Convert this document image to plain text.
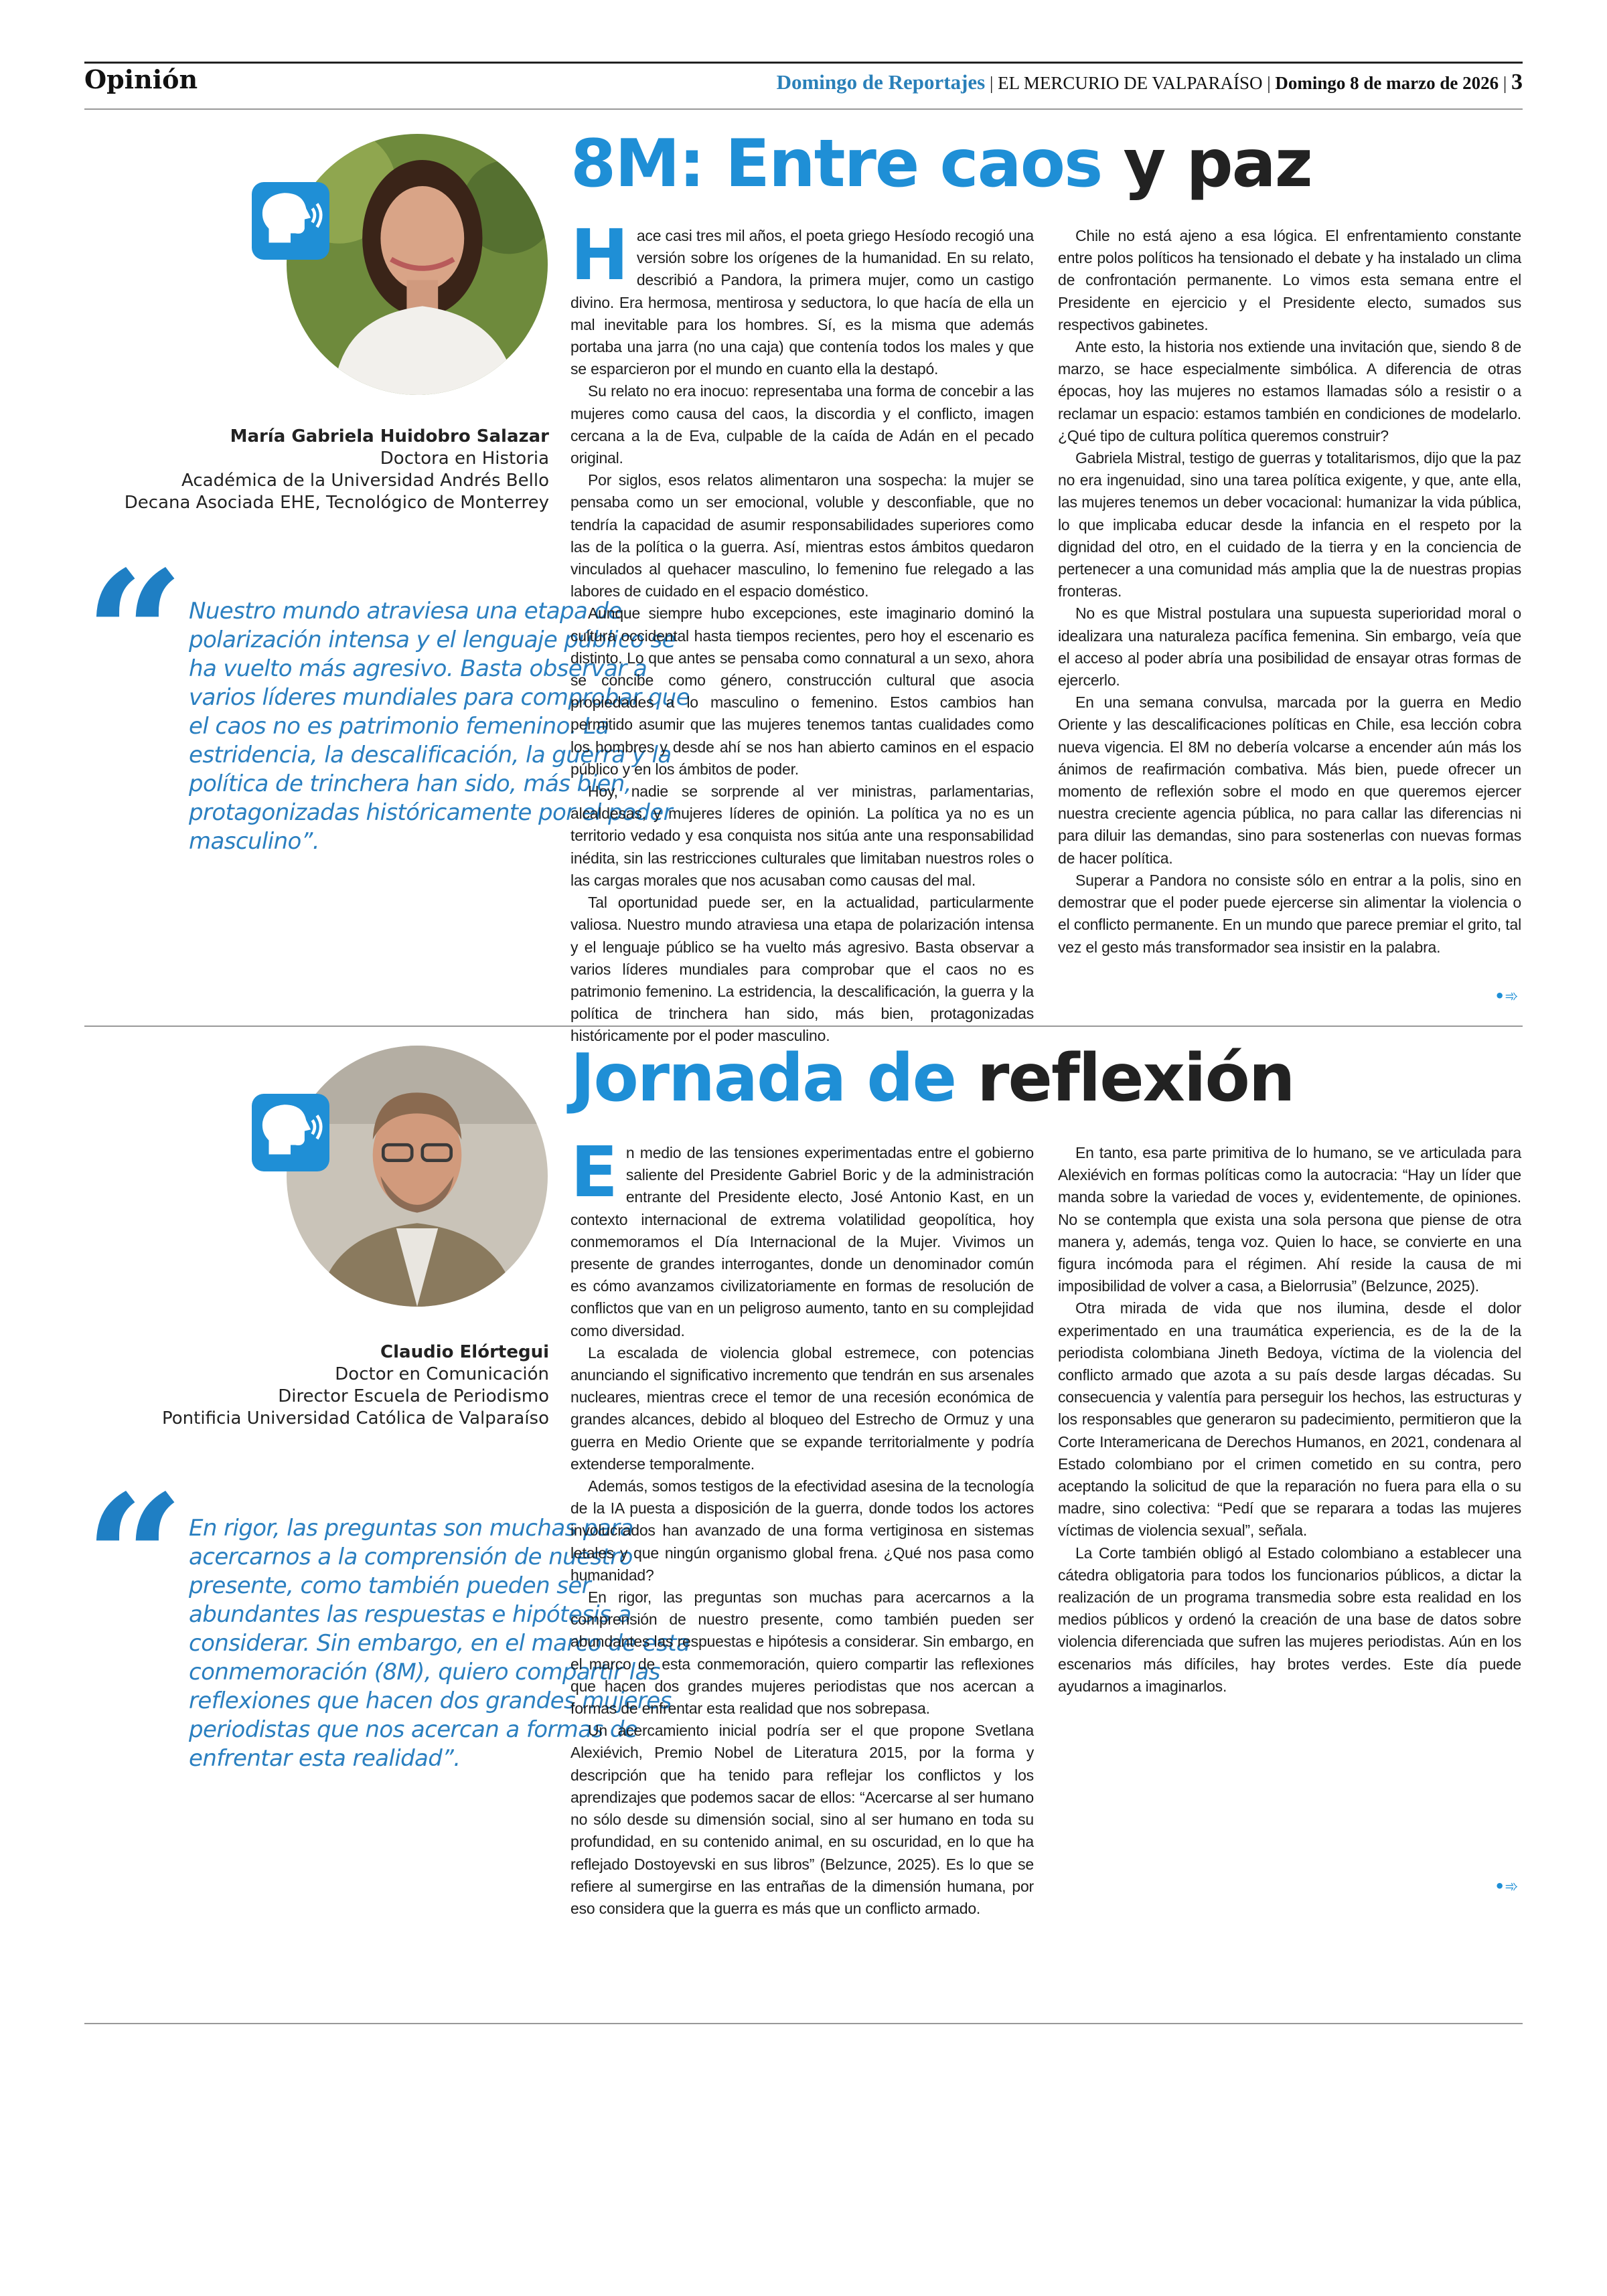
Opinión	Domingo de Reportajes | EL MERCURIO DE VALPARAÍSO | Domingo 8 de marzo de 2026 | 3
María Gabriela Huidobro Salazar
Doctora en Historia
Académica de la Universidad Andrés Bello
Decana Asociada EHE, Tecnológico de Monterrey
“ Nuestro mundo atraviesa una etapa de polarización intensa y el lenguaje público se ha vuelto más agresivo. Basta observar a varios líderes mundiales para comprobar que el caos no es patrimonio femenino. La estridencia, la descalificación, la guerra y la política de trinchera han sido, más bien, protagonizadas históricamente por el poder masculino”.
8M: Entre caos y paz

Hace casi tres mil años, el poeta griego Hesíodo recogió una versión sobre los orígenes de la humanidad. En su relato, describió a Pandora, la primera mujer, como un castigo divino. Era hermosa, mentirosa y seductora, lo que hacía de ella un mal inevitable para los hombres. Sí, es la misma que además portaba una jarra (no una caja) que contenía todos los males y que se esparcieron por el mundo en cuanto ella la destapó.

Su relato no era inocuo: representaba una forma de concebir a las mujeres como causa del caos, la discordia y el conflicto, imagen cercana a la de Eva, culpable de la caída de Adán en el pecado original.

Por siglos, esos relatos alimentaron una sospecha: la mujer se pensaba como un ser emocional, voluble y desconfiable, que no tendría la capacidad de asumir responsabilidades superiores como las de la política o la guerra. Así, mientras estos ámbitos quedaron vinculados al quehacer masculino, lo femenino fue relegado a las labores de cuidado en el espacio doméstico.

Aunque siempre hubo excepciones, este imaginario dominó la cultura occidental hasta tiempos recientes, pero hoy el escenario es distinto. Lo que antes se pensaba como connatural a un sexo, ahora se concibe como género, construcción cultural que asocia propiedades a lo masculino o femenino. Estos cambios han permitido asumir que las mujeres tenemos tantas cualidades como los hombres y desde ahí se nos han abierto caminos en el espacio público y en los ámbitos de poder.

Hoy, nadie se sorprende al ver ministras, parlamentarias, alcaldesas, y mujeres líderes de opinión. La política ya no es un territorio vedado y esa conquista nos sitúa ante una responsabilidad inédita, sin las restricciones culturales que limitaban nuestros roles o las cargas morales que nos acusaban como causas del mal.

Tal oportunidad puede ser, en la actualidad, particularmente valiosa. Nuestro mundo atraviesa una etapa de polarización intensa y el lenguaje público se ha vuelto más agresivo. Basta observar a varios líderes mundiales para comprobar que el caos no es patrimonio femenino. La estridencia, la descalificación, la guerra y la política de trinchera han sido, más bien, protagonizadas históricamente por el poder masculino.

Chile no está ajeno a esa lógica. El enfrentamiento constante entre polos políticos ha tensionado el debate y ha instalado un clima de confrontación permanente. Lo vimos esta semana entre el Presidente en ejercicio y el Presidente electo, sumados sus respectivos gabinetes.

Ante esto, la historia nos extiende una invitación que, siendo 8 de marzo, se hace especialmente simbólica. A diferencia de otras épocas, hoy las mujeres no estamos llamadas sólo a resistir o a reclamar un espacio: estamos también en condiciones de modelarlo. ¿Qué tipo de cultura política queremos construir?

Gabriela Mistral, testigo de guerras y totalitarismos, dijo que la paz no era ingenuidad, sino una tarea política exigente, y que, ante ella, las mujeres tenemos un deber vocacional: humanizar la vida pública, lo que implicaba educar desde la infancia en el respeto por la dignidad del otro, en el cuidado de la tierra y en la conciencia de pertenecer a una comunidad más amplia que la de nuestras propias fronteras.

No es que Mistral postulara una supuesta superioridad moral o idealizara una naturaleza pacífica femenina. Sin embargo, veía que el acceso al poder abría una posibilidad de ensayar otras formas de ejercerlo.

En una semana convulsa, marcada por la guerra en Medio Oriente y las descalificaciones políticas en Chile, esa lección cobra nueva vigencia. El 8M no debería volcarse a encender aún más los ánimos de reafirmación combativa. Más bien, puede ofrecer un momento de reflexión sobre el modo en que queremos ejercer nuestra creciente agencia pública, no para callar las diferencias ni para diluir las demandas, sino para sostenerlas con nuevas formas de hacer política.

Superar a Pandora no consiste sólo en entrar a la polis, sino en demostrar que el poder puede ejercerse sin alimentar la violencia o el conflicto permanente. En un mundo que parece premiar el grito, tal vez el gesto más transformador sea insistir en la palabra.

•➾
Claudio Elórtegui
Doctor en Comunicación
Director Escuela de Periodismo
Pontificia Universidad Católica de Valparaíso
“ En rigor, las preguntas son muchas para acercarnos a la comprensión de nuestro presente, como también pueden ser abundantes las respuestas e hipótesis a considerar. Sin embargo, en el marco de esta conmemoración (8M), quiero compartir las reflexiones que hacen dos grandes mujeres periodistas que nos acercan a formas de enfrentar esta realidad”.
Jornada de reflexión

En medio de las tensiones experimentadas entre el gobierno saliente del Presidente Gabriel Boric y de la administración entrante del Presidente electo, José Antonio Kast, en un contexto internacional de extrema volatilidad geopolítica, hoy conmemoramos el Día Internacional de la Mujer. Vivimos un presente de grandes interrogantes, donde un denominador común es cómo avanzamos civilizatoriamente en formas de resolución de conflictos que van en un peligroso aumento, tanto en su complejidad como diversidad.

La escalada de violencia global estremece, con potencias anunciando el significativo incremento que tendrán en sus arsenales nucleares, mientras crece el temor de una recesión económica de grandes alcances, debido al bloqueo del Estrecho de Ormuz y una guerra en Medio Oriente que se expande territorialmente y podría extenderse temporalmente.

Además, somos testigos de la efectividad asesina de la tecnología de la IA puesta a disposición de la guerra, donde todos los actores involucrados han avanzado de una forma vertiginosa en sistemas letales y que ningún organismo global frena. ¿Qué nos pasa como humanidad?

En rigor, las preguntas son muchas para acercarnos a la comprensión de nuestro presente, como también pueden ser abundantes las respuestas e hipótesis a considerar. Sin embargo, en el marco de esta conmemoración, quiero compartir las reflexiones que hacen dos grandes mujeres periodistas que nos acercan a formas de enfrentar esta realidad que nos sobrepasa.

Un acercamiento inicial podría ser el que propone Svetlana Alexiévich, Premio Nobel de Literatura 2015, por la forma y descripción que ha tenido para reflejar los conflictos y los aprendizajes que podemos sacar de ellos: “Acercarse al ser humano no sólo desde su dimensión social, sino al ser humano en toda su profundidad, en su contenido animal, en su oscuridad, en lo que ha reflejado Dostoyevski en sus libros” (Belzunce, 2025). Es lo que se refiere al sumergirse en las entrañas de la dimensión humana, por eso considera que la guerra es más que un conflicto armado.

En tanto, esa parte primitiva de lo humano, se ve articulada para Alexiévich en formas políticas como la autocracia: “Hay un líder que manda sobre la variedad de voces y, evidentemente, de opiniones. No se contempla que exista una sola persona que piense de otra manera y, además, tenga voz. Quien lo hace, se convierte en una figura incómoda para el régimen. Ahí reside la causa de mi imposibilidad de volver a casa, a Bielorrusia” (Belzunce, 2025).

Otra mirada de vida que nos ilumina, desde el dolor experimentado en una traumática experiencia, es de la de la periodista colombiana Jineth Bedoya, víctima de la violencia del conflicto armado que azota a su país desde largas décadas. Su consecuencia y valentía para perseguir los hechos, las estructuras y los responsables que generaron su padecimiento, permitieron que la Corte Interamericana de Derechos Humanos, en 2021, condenara al Estado colombiano por el crimen cometido en su contra, pero aceptando la solicitud de que la reparación no fuera para ella o su madre, sino colectiva: “Pedí que se reparara a todas las mujeres víctimas de violencia sexual”, señala.

La Corte también obligó al Estado colombiano a establecer una cátedra obligatoria para todos los funcionarios públicos, a dictar la realización de un programa transmedia sobre esta realidad en los medios públicos y ordenó la creación de una base de datos sobre violencia diferenciada que sufren las mujeres periodistas. Aún en los escenarios más difíciles, hay brotes verdes. Este día puede ayudarnos a imaginarlos.

•➾
